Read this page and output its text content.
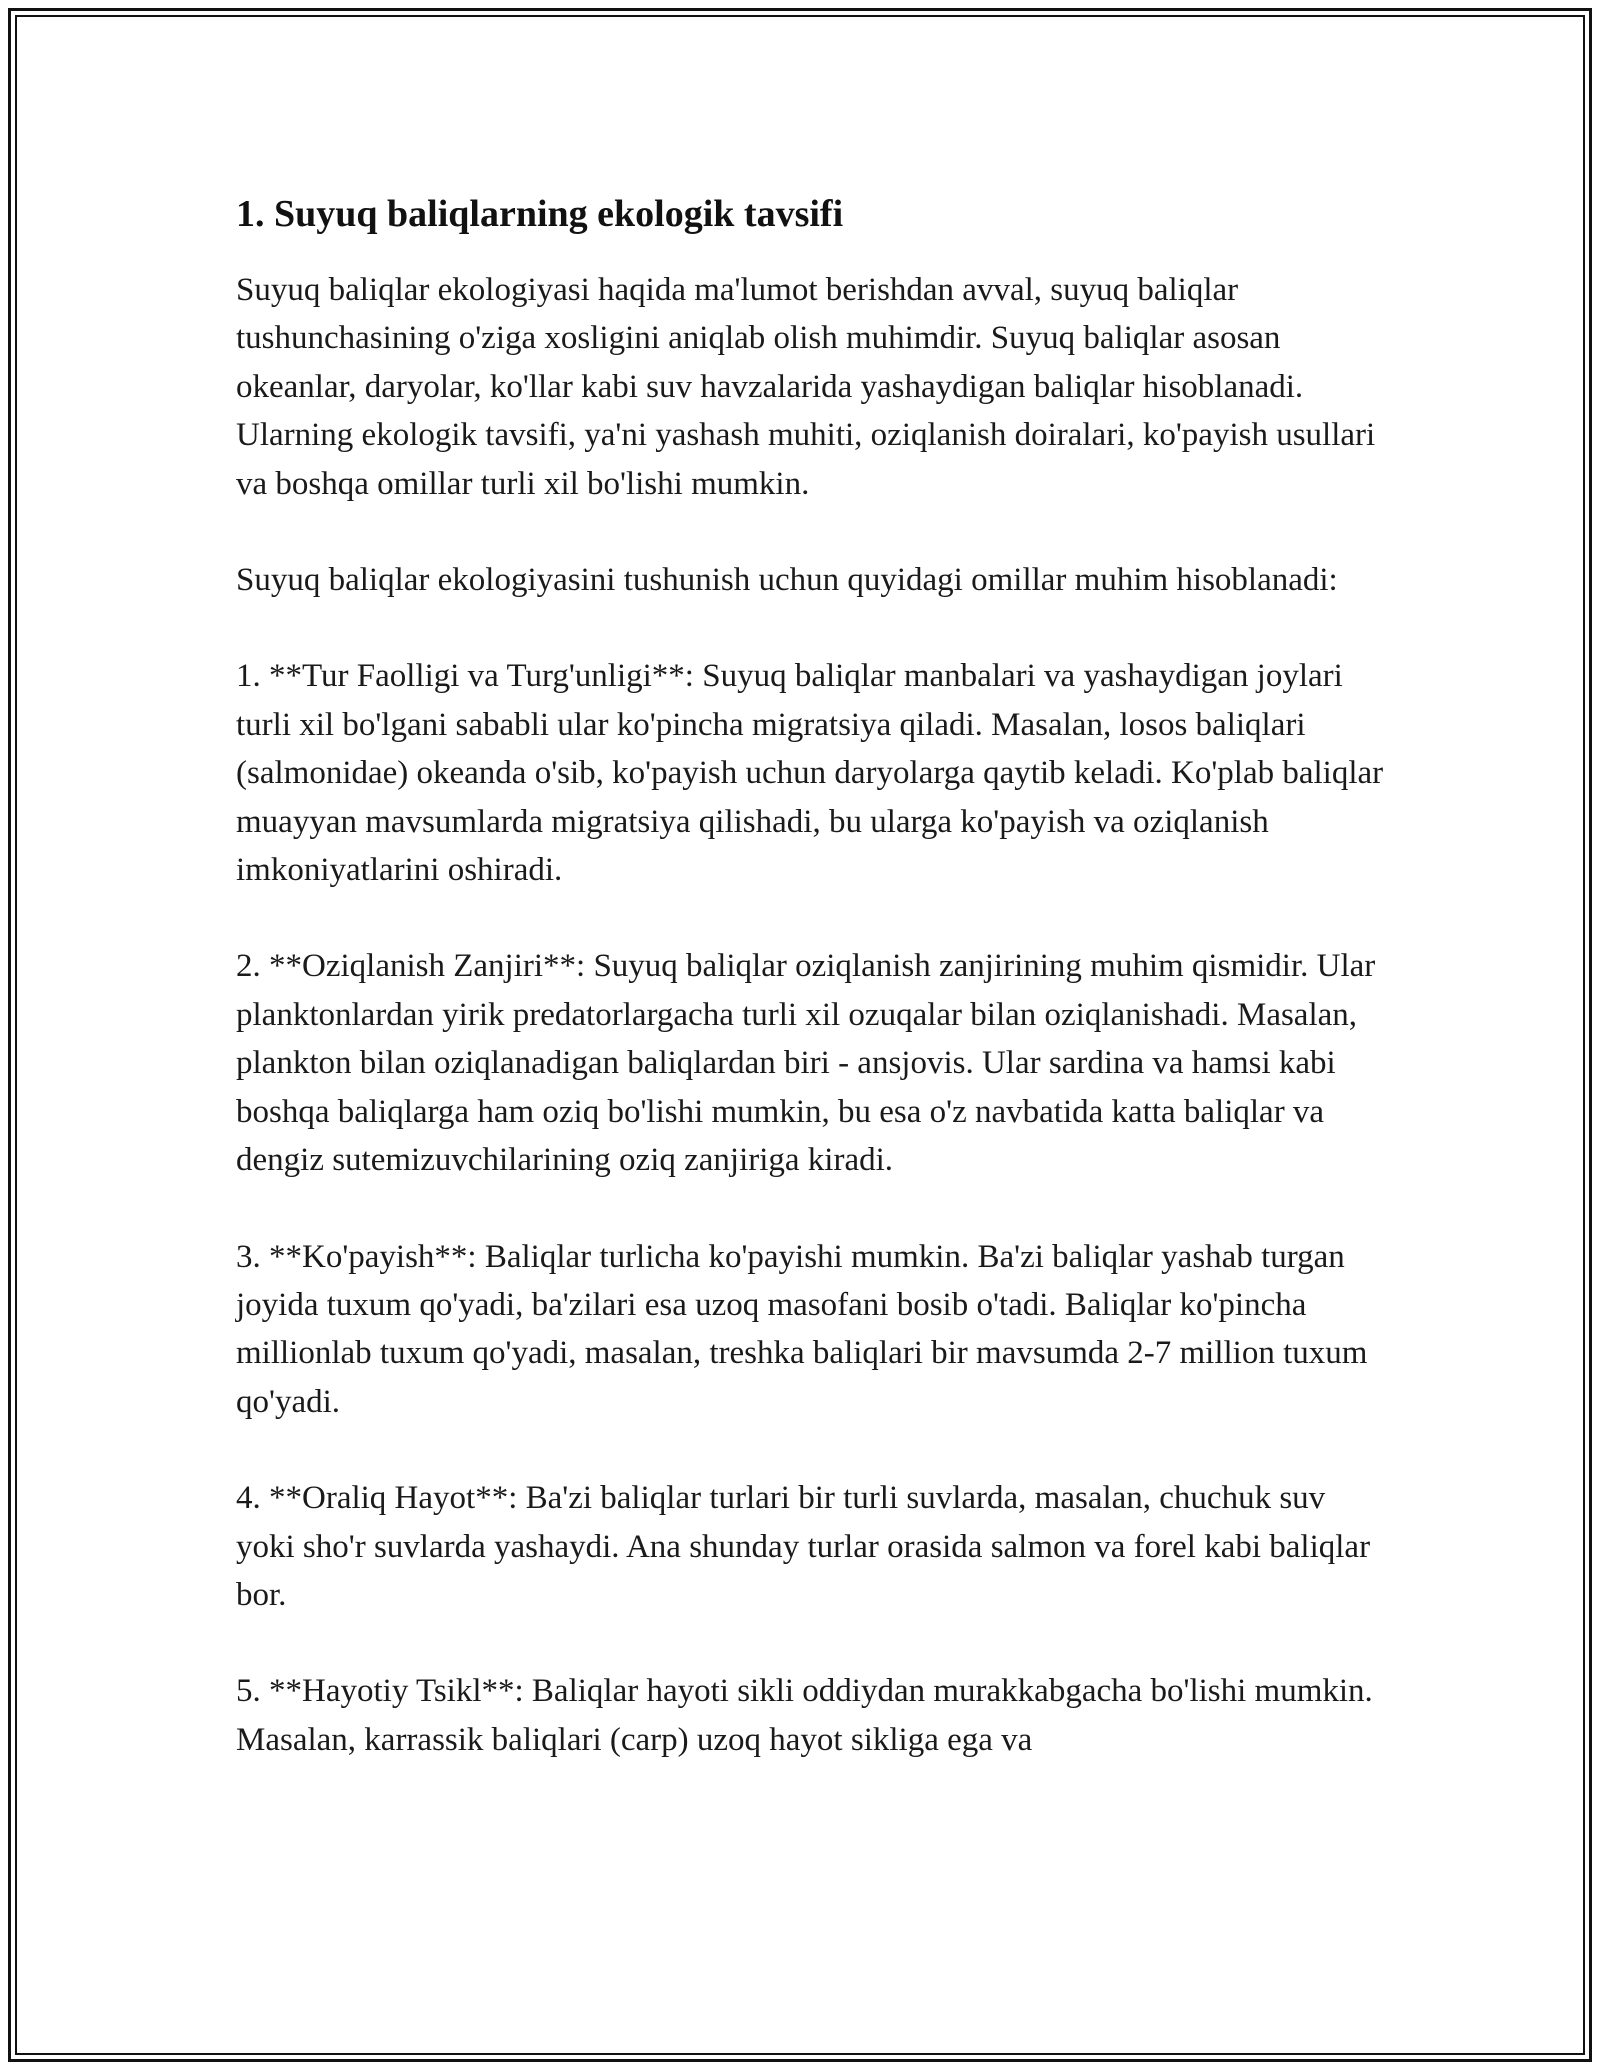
1. Suyuq baliqlarning ekologik tavsifi

Suyuq baliqlar ekologiyasi haqida ma'lumot berishdan avval, suyuq baliqlar tushunchasining o'ziga xosligini aniqlab olish muhimdir. Suyuq baliqlar asosan okeanlar, daryolar, ko'llar kabi suv havzalarida yashaydigan baliqlar hisoblanadi. Ularning ekologik tavsifi, ya'ni yashash muhiti, oziqlanish doiralari, ko'payish usullari va boshqa omillar turli xil bo'lishi mumkin.

Suyuq baliqlar ekologiyasini tushunish uchun quyidagi omillar muhim hisoblanadi:

1. **Tur Faolligi va Turg'unligi**: Suyuq baliqlar manbalari va yashaydigan joylari turli xil bo'lgani sababli ular ko'pincha migratsiya qiladi. Masalan, losos baliqlari (salmonidae) okeanda o'sib, ko'payish uchun daryolarga qaytib keladi. Ko'plab baliqlar muayyan mavsumlarda migratsiya qilishadi, bu ularga ko'payish va oziqlanish imkoniyatlarini oshiradi.

2. **Oziqlanish Zanjiri**: Suyuq baliqlar oziqlanish zanjirining muhim qismidir. Ular planktonlardan yirik predatorlargacha turli xil ozuqalar bilan oziqlanishadi. Masalan, plankton bilan oziqlanadigan baliqlardan biri - ansjovis. Ular sardina va hamsi kabi boshqa baliqlarga ham oziq bo'lishi mumkin, bu esa o'z navbatida katta baliqlar va dengiz sutemizuvchilarining oziq zanjiriga kiradi.

3. **Ko'payish**: Baliqlar turlicha ko'payishi mumkin. Ba'zi baliqlar yashab turgan joyida tuxum qo'yadi, ba'zilari esa uzoq masofani bosib o'tadi. Baliqlar ko'pincha millionlab tuxum qo'yadi, masalan, treshka baliqlari bir mavsumda 2-7 million tuxum qo'yadi.

4. **Oraliq Hayot**: Ba'zi baliqlar turlari bir turli suvlarda, masalan, chuchuk suv yoki sho'r suvlarda yashaydi. Ana shunday turlar orasida salmon va forel kabi baliqlar bor.

5. **Hayotiy Tsikl**: Baliqlar hayoti sikli oddiydan murakkabgacha bo'lishi mumkin. Masalan, karrassik baliqlari (carp) uzoq hayot sikliga ega va
